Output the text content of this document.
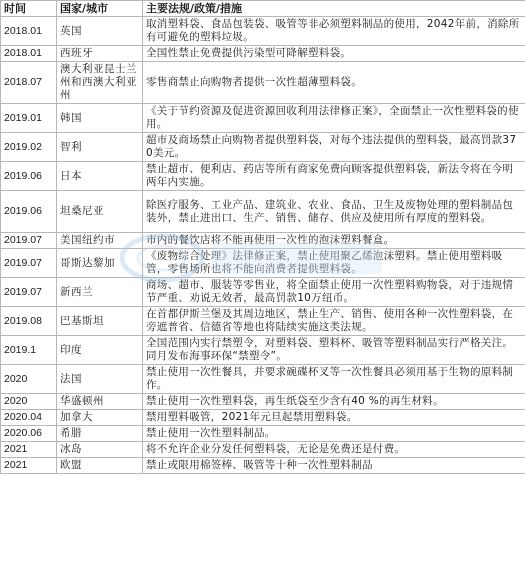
时间	国家/城市	主要法规/政策/措施
2018.01	英国	取消塑料袋、食品包装袋、吸管等非必须塑料制品的使用，2042年前，消除所有可避免的塑料垃圾。
2018.01	西班牙	全国性禁止免费提供污染型可降解塑料袋。
2018.07	澳大利亚昆士兰州和西澳大利亚州	零售商禁止向购物者提供一次性超薄塑料袋。
2019.01	韩国	《关于节约资源及促进资源回收利用法律修正案》，全面禁止一次性塑料袋的使用。
2019.02	智利	超市及商场禁止向购物者提供塑料袋，对每个违法提供的塑料袋，最高罚款370美元。
2019.06	日本	禁止超市、便利店、药店等所有商家免费向顾客提供塑料袋，新法令将在今明两年内实施。
2019.06	坦桑尼亚	除医疗服务、工业产品、建筑业、农业、食品、卫生及废物处理的塑料制品包装外，禁止进出口、生产、销售、储存、供应及使用所有厚度的塑料袋。
2019.07	美国纽约市	市内的餐饮店将不能再使用一次性的泡沫塑料餐盒。
2019.07	哥斯达黎加	《废物综合处理》法律修正案，禁止使用聚乙烯泡沫塑料。禁止使用塑料吸管，零售场所也将不能向消费者提供塑料袋。
2019.07	新西兰	商场、超市、服装等零售业，将全面禁止使用一次性塑料购物袋，对于违规情节严重、劝说无效者，最高罚款10万纽币。
2019.08	巴基斯坦	在首都伊斯兰堡及其周边地区，禁止生产、销售、使用各种一次性塑料袋，在旁遮普省、信德省等地也将陆续实施这类法规。
2019.1	印度	全国范围内实行禁塑令，对塑料袋、塑料杯、吸管等塑料制品实行严格关注。同月发布海事环保“禁塑令”。
2020	法国	禁止使用一次性餐具，并要求碗碟杯叉等一次性餐具必须用基于生物的原料制作。
2020	华盛顿州	禁止使用一次性塑料袋，再生纸袋至少含有40 %的再生材料。
2020.04	加拿大	禁用塑料吸管，2021年元旦起禁用塑料袋。
2020.06	希腊	禁止使用一次性塑料制品。
2021	冰岛	将不允许企业分发任何塑料袋，无论是免费还是付费。
2021	欧盟	禁止或限用棉签棒、吸管等十种一次性塑料制品
